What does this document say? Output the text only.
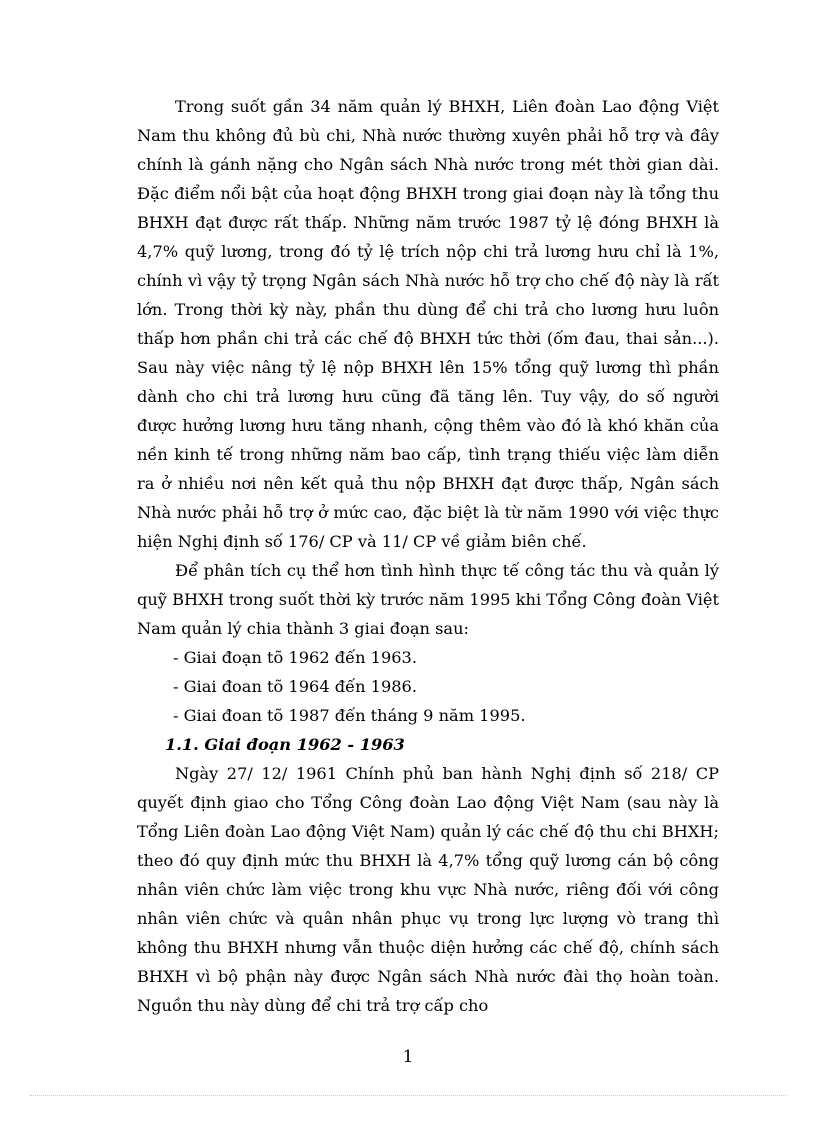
Trong suốt gần 34 năm quản lý BHXH, Liên đoàn Lao động Việt Nam thu không đủ bù chi, Nhà nước thường xuyên phải hỗ trợ và đây chính là gánh nặng cho Ngân sách Nhà nước trong mét thời gian dài. Đặc điểm nổi bật của hoạt động BHXH trong giai đoạn này là tổng thu BHXH đạt được rất thấp. Những năm trước 1987 tỷ lệ đóng BHXH là 4,7% quỹ lương, trong đó tỷ lệ trích nộp chi trả lương hưu chỉ là 1%, chính vì vậy tỷ trọng Ngân sách Nhà nước hỗ trợ cho chế độ này là rất lớn. Trong thời kỳ này, phần thu dùng để chi trả cho lương hưu luôn thấp hơn phần chi trả các chế độ BHXH tức thời (ốm đau, thai sản...). Sau này việc nâng tỷ lệ nộp BHXH lên 15% tổng quỹ lương thì phần dành cho chi trả lương hưu cũng đã tăng lên. Tuy vậy, do số người được hưởng lương hưu tăng nhanh, cộng thêm vào đó là khó khăn của nền kinh tế trong những năm bao cấp, tình trạng thiếu việc làm diễn ra ở nhiều nơi nên kết quả thu nộp BHXH đạt được thấp, Ngân sách Nhà nước phải hỗ trợ ở mức cao, đặc biệt là từ năm 1990 với việc thực hiện Nghị định số 176/ CP và 11/ CP về giảm biên chế.

Để phân tích cụ thể hơn tình hình thực tế công tác thu và quản lý quỹ BHXH trong suốt thời kỳ trước năm 1995 khi Tổng Công đoàn Việt Nam quản lý chia thành 3 giai đoạn sau:

- Giai đoạn tõ 1962 đến 1963.
- Giai đoan tõ 1964 đến 1986.
- Giai đoan tõ 1987 đến tháng 9 năm 1995.

1.1. Giai đoạn 1962 - 1963

Ngày 27/ 12/ 1961 Chính phủ ban hành Nghị định số 218/ CP quyết định giao cho Tổng Công đoàn Lao động Việt Nam (sau này là Tổng Liên đoàn Lao động Việt Nam) quản lý các chế độ thu chi BHXH; theo đó quy định mức thu BHXH là 4,7% tổng quỹ lương cán bộ công nhân viên chức làm việc trong khu vực Nhà nước, riêng đối với công nhân viên chức và quân nhân phục vụ trong lực lượng vò trang thì không thu BHXH nhưng vẫn thuộc diện hưởng các chế độ, chính sách BHXH vì bộ phận này được Ngân sách Nhà nước đài thọ hoàn toàn. Nguồn thu này dùng để chi trả trợ cấp cho

1
